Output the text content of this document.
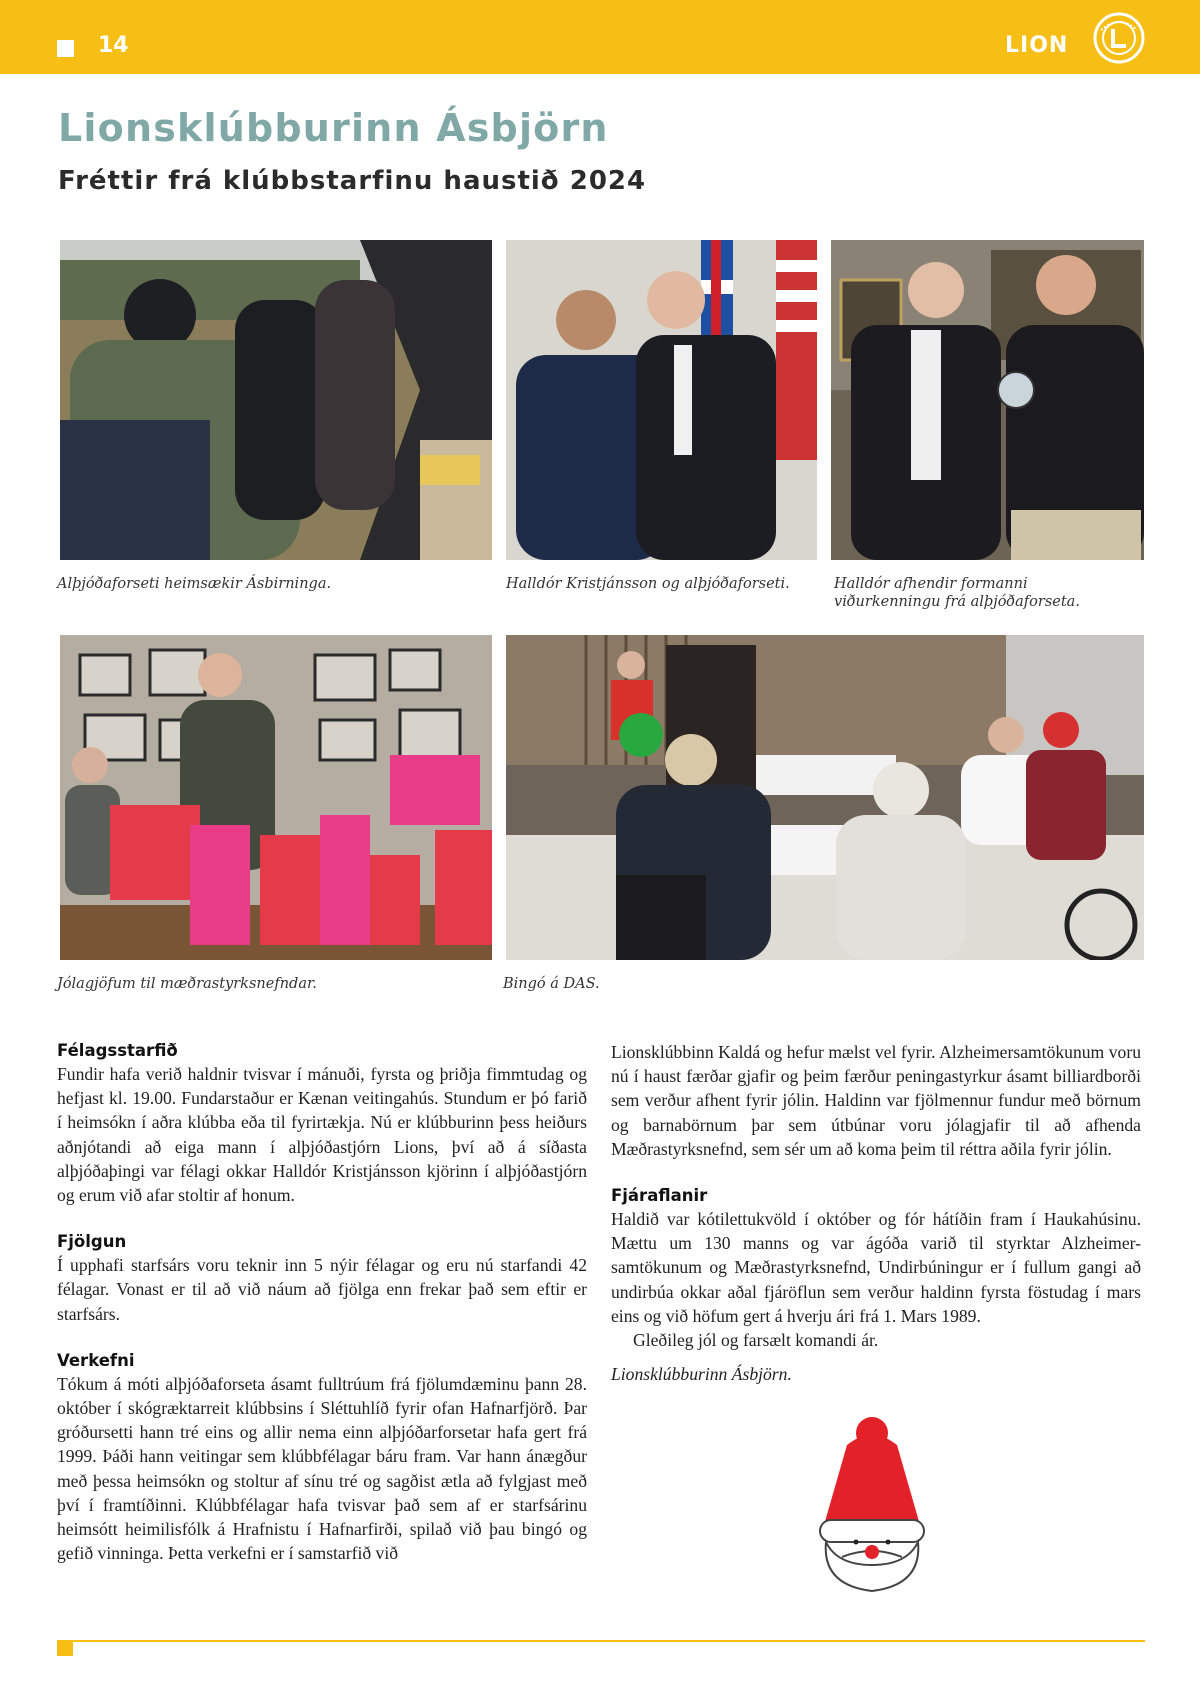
14	LION
Lionsklúbburinn Ásbjörn
Fréttir frá klúbbstarfinu haustið 2024
Alþjóðaforseti heimsækir Ásbirninga.	Halldór Kristjánsson og alþjóðaforseti.	Halldór afhendir formanni viðurkenningu frá alþjóðaforseta.
Jólagjöfum til mæðrastyrksnefndar.	Bingó á DAS.
Félagsstarfið

Fundir hafa verið haldnir tvisvar í mánuði, fyrsta og þriðja fimmtudag og hefjast kl. 19.00. Fundarstaður er Kænan veitingahús. Stundum er þó farið í heimsókn í aðra klúbba eða til fyrirtækja. Nú er klúbburinn þess heiðurs aðnjótandi að eiga mann í alþjóðastjórn Lions, því að á síðasta alþjóðaþingi var félagi okkar Halldór Kristjánsson kjörinn í alþjóðastjórn og erum við afar stoltir af honum.

Fjölgun

Í upphafi starfsárs voru teknir inn 5 nýir félagar og eru nú starfandi 42 félagar. Vonast er til að við náum að fjölga enn frekar það sem eftir er starfsárs.

Verkefni

Tókum á móti alþjóðaforseta ásamt fulltrúum frá fjölumdæminu þann 28. október í skógræktarreit klúbbsins í Sléttuhlíð fyrir ofan Hafnarfjörð. Þar gróðursetti hann tré eins og allir nema einn alþjóðarforsetar hafa gert frá 1999. Þáði hann veitingar sem klúbbfélagar báru fram. Var hann ánægður með þessa heimsókn og stoltur af sínu tré og sagðist ætla að fylgjast með því í framtíðinni. Klúbbfélagar hafa tvisvar það sem af er starfsárinu heimsótt heimilisfólk á Hrafnistu í Hafnarfirði, spilað við þau bingó og gefið vinninga. Þetta verkefni er í samstarfið við

Lionsklúbbinn Kaldá og hefur mælst vel fyrir. Alzheimersamtökunum voru nú í haust færðar gjafir og þeim færður peningastyrkur ásamt billiardborði sem verður afhent fyrir jólin. Haldinn var fjölmennur fundur með börnum og barnabörnum þar sem útbúnar voru jólagjafir til að afhenda Mæðrastyrksnefnd, sem sér um að koma þeim til réttra aðila fyrir jólin.

Fjáraflanir

Haldið var kótilettukvöld í október og fór hátíðin fram í Haukahúsinu. Mættu um 130 manns og var ágóða varið til styrktar Alzheimer-samtökunum og Mæðrastyrksnefnd, Undirbúningur er í fullum gangi að undirbúa okkar aðal fjáröflun sem verður haldinn fyrsta föstudag í mars eins og við höfum gert á hverju ári frá 1. Mars 1989.

Gleðileg jól og farsælt komandi ár.

Lionsklúbburinn Ásbjörn.
